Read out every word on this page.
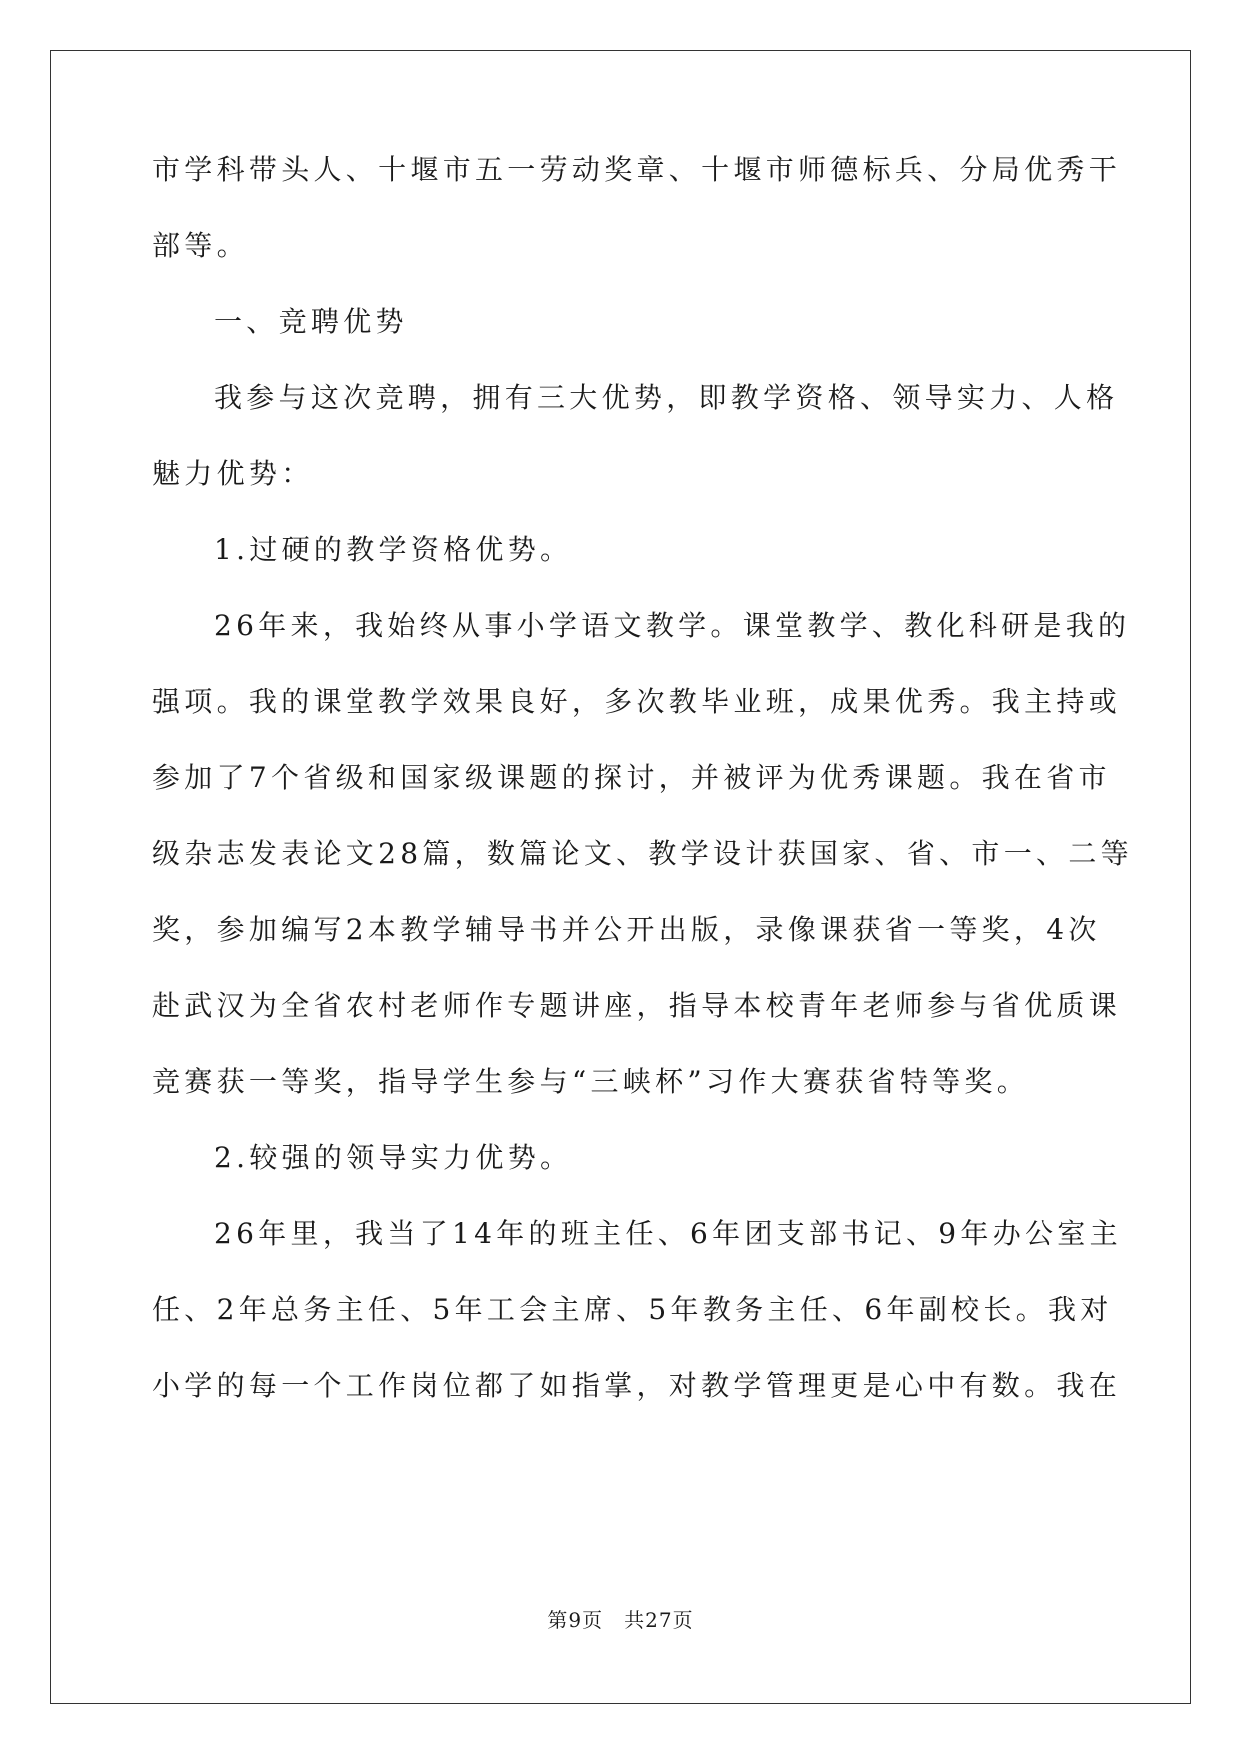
市学科带头人、十堰市五一劳动奖章、十堰市师德标兵、分局优秀干
部等。
一、竞聘优势
我参与这次竞聘，拥有三大优势，即教学资格、领导实力、人格
魅力优势：
1.过硬的教学资格优势。
26年来，我始终从事小学语文教学。课堂教学、教化科研是我的
强项。我的课堂教学效果良好，多次教毕业班，成果优秀。我主持或
参加了7个省级和国家级课题的探讨，并被评为优秀课题。我在省市
级杂志发表论文28篇，数篇论文、教学设计获国家、省、市一、二等
奖，参加编写2本教学辅导书并公开出版，录像课获省一等奖，4次
赴武汉为全省农村老师作专题讲座，指导本校青年老师参与省优质课
竞赛获一等奖，指导学生参与“三峡杯”习作大赛获省特等奖。
2.较强的领导实力优势。
26年里，我当了14年的班主任、6年团支部书记、9年办公室主
任、2年总务主任、5年工会主席、5年教务主任、6年副校长。我对
小学的每一个工作岗位都了如指掌，对教学管理更是心中有数。我在
第9页　共27页
